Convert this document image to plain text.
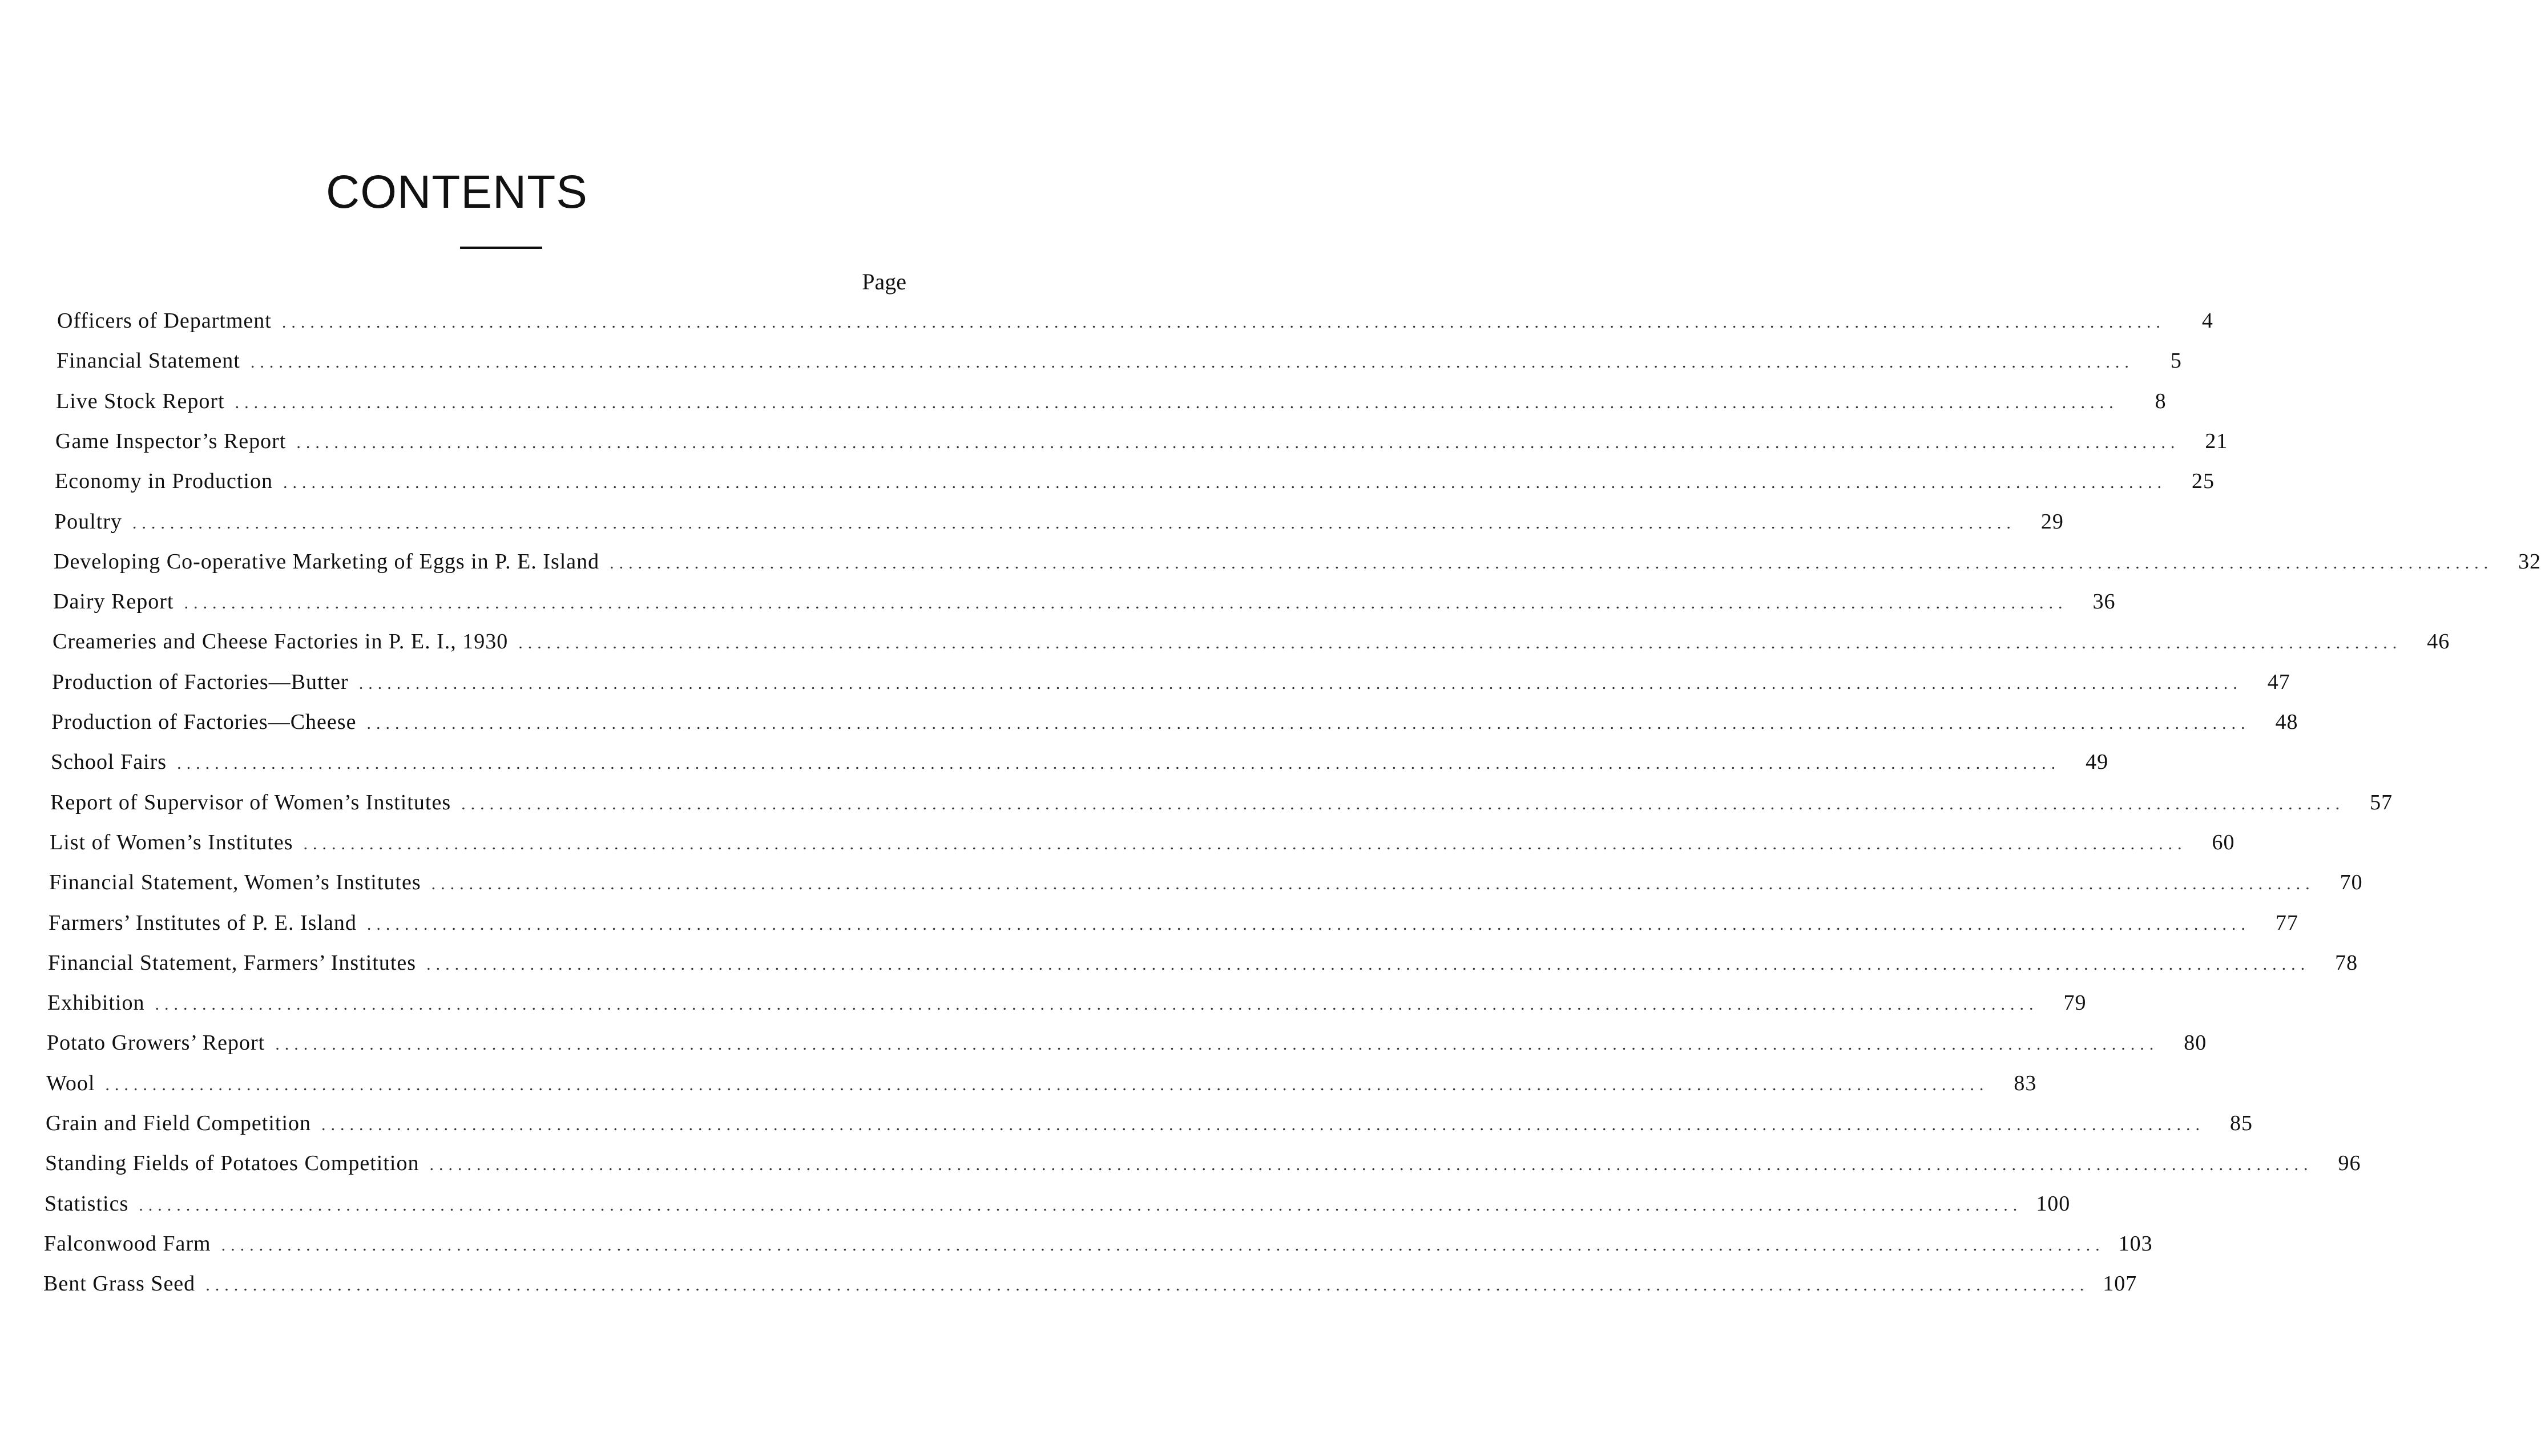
CONTENTS
Page
Officers of Department ........................................................................................................................................................................................................	4
Financial Statement ........................................................................................................................................................................................................	5
Live Stock Report ........................................................................................................................................................................................................	8
Game Inspector’s Report ........................................................................................................................................................................................................	21
Economy in Production ........................................................................................................................................................................................................	25
Poultry ........................................................................................................................................................................................................	29
Developing Co-operative Marketing of Eggs in P. E. Island ........................................................................................................................................................................................................	32
Dairy Report ........................................................................................................................................................................................................	36
Creameries and Cheese Factories in P. E. I., 1930 ........................................................................................................................................................................................................	46
Production of Factories—Butter ........................................................................................................................................................................................................	47
Production of Factories—Cheese ........................................................................................................................................................................................................	48
School Fairs ........................................................................................................................................................................................................	49
Report of Supervisor of Women’s Institutes ........................................................................................................................................................................................................	57
List of Women’s Institutes ........................................................................................................................................................................................................	60
Financial Statement, Women’s Institutes ........................................................................................................................................................................................................	70
Farmers’ Institutes of P. E. Island ........................................................................................................................................................................................................	77
Financial Statement, Farmers’ Institutes ........................................................................................................................................................................................................	78
Exhibition ........................................................................................................................................................................................................	79
Potato Growers’ Report ........................................................................................................................................................................................................	80
Wool ........................................................................................................................................................................................................	83
Grain and Field Competition ........................................................................................................................................................................................................	85
Standing Fields of Potatoes Competition ........................................................................................................................................................................................................	96
Statistics ........................................................................................................................................................................................................ 100
Falconwood Farm ........................................................................................................................................................................................................ 103
Bent Grass Seed ........................................................................................................................................................................................................ 107
